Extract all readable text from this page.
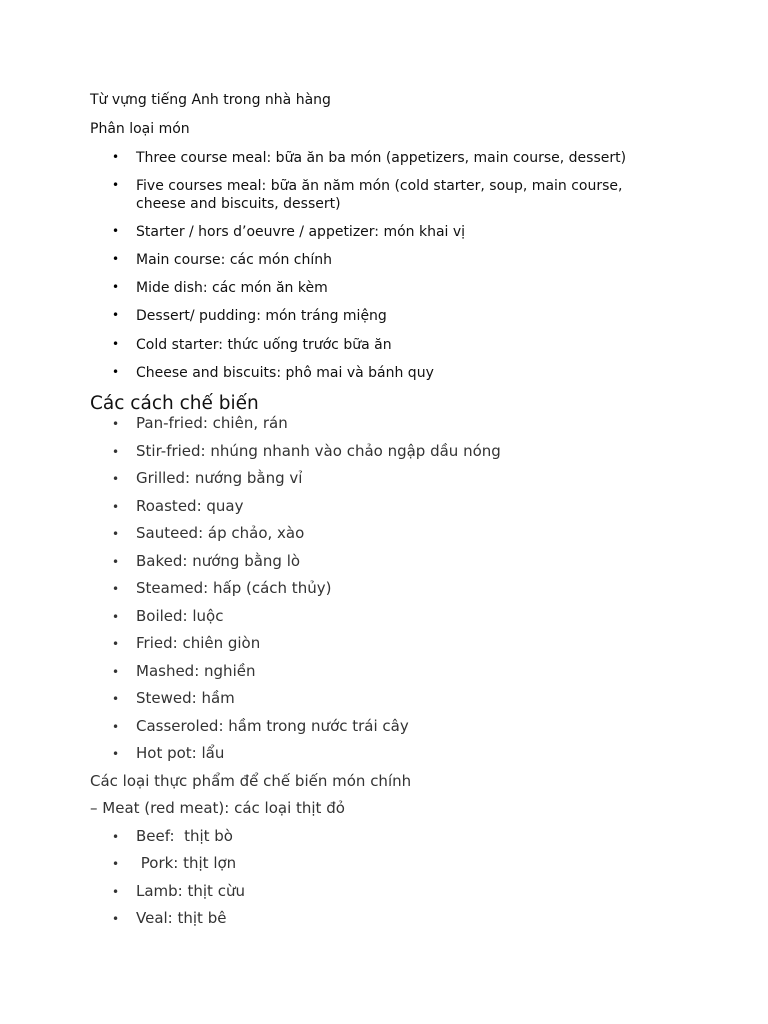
Từ vựng tiếng Anh trong nhà hàng
Phân loại món
• Three course meal: bữa ăn ba món (appetizers, main course, dessert)
• Five courses meal: bữa ăn năm món (cold starter, soup, main course, cheese and biscuits, dessert)
• Starter / hors d’oeuvre / appetizer: món khai vị
• Main course: các món chính
• Mide dish: các món ăn kèm
• Dessert/ pudding: món tráng miệng
• Cold starter: thức uống trước bữa ăn
• Cheese and biscuits: phô mai và bánh quy
Các cách chế biến
• Pan-fried: chiên, rán
• Stir-fried: nhúng nhanh vào chảo ngập dầu nóng
• Grilled: nướng bằng vỉ
• Roasted: quay
• Sauteed: áp chảo, xào
• Baked: nướng bằng lò
• Steamed: hấp (cách thủy)
• Boiled: luộc
• Fried: chiên giòn
• Mashed: nghiền
• Stewed: hầm
• Casseroled: hầm trong nước trái cây
• Hot pot: lẩu
Các loại thực phẩm để chế biến món chính
– Meat (red meat): các loại thịt đỏ
• Beef:  thịt bò
• Pork: thịt lợn
• Lamb: thịt cừu
• Veal: thịt bê
